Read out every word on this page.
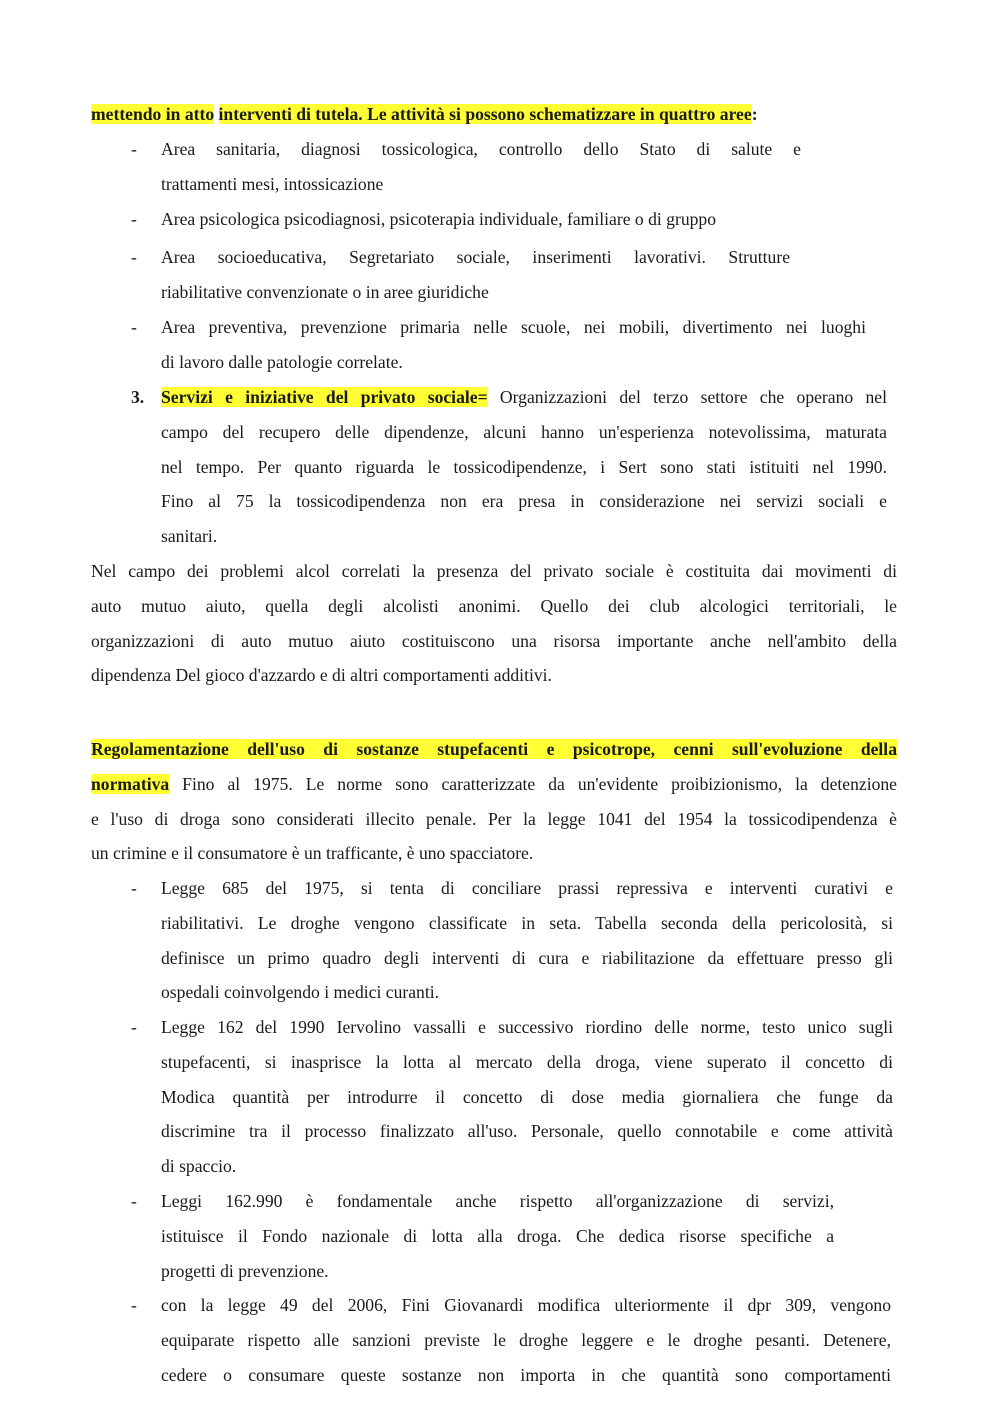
mettendo in atto interventi di tutela. Le attività si possono schematizzare in quattro aree:
-	Area sanitaria, diagnosi tossicologica, controllo dello Stato di salute e
trattamenti mesi, intossicazione
-	Area psicologica psicodiagnosi, psicoterapia individuale, familiare o di gruppo
-	Area socioeducativa, Segretariato sociale, inserimenti lavorativi. Strutture
riabilitative convenzionate o in aree giuridiche
-	Area preventiva, prevenzione primaria nelle scuole, nei mobili, divertimento nei luoghi
di lavoro dalle patologie correlate.
3. Servizi e iniziative del privato sociale= Organizzazioni del terzo settore che operano nel
campo del recupero delle dipendenze, alcuni hanno un'esperienza notevolissima, maturata
nel tempo. Per quanto riguarda le tossicodipendenze, i Sert sono stati istituiti nel 1990.
Fino al 75 la tossicodipendenza non era presa in considerazione nei servizi sociali e
sanitari.
Nel campo dei problemi alcol correlati la presenza del privato sociale è costituita dai movimenti di
auto mutuo aiuto, quella degli alcolisti anonimi. Quello dei club alcologici territoriali, le
organizzazioni di auto mutuo aiuto costituiscono una risorsa importante anche nell'ambito della
dipendenza Del gioco d'azzardo e di altri comportamenti additivi.
Regolamentazione dell'uso di sostanze stupefacenti e psicotrope, cenni sull'evoluzione della
normativa Fino al 1975. Le norme sono caratterizzate da un'evidente proibizionismo, la detenzione
e l'uso di droga sono considerati illecito penale. Per la legge 1041 del 1954 la tossicodipendenza è
un crimine e il consumatore è un trafficante, è uno spacciatore.
-	Legge 685 del 1975, si tenta di conciliare prassi repressiva e interventi curativi e
riabilitativi. Le droghe vengono classificate in seta. Tabella seconda della pericolosità, si
definisce un primo quadro degli interventi di cura e riabilitazione da effettuare presso gli
ospedali coinvolgendo i medici curanti.
-	Legge 162 del 1990 Iervolino vassalli e successivo riordino delle norme, testo unico sugli
stupefacenti, si inasprisce la lotta al mercato della droga, viene superato il concetto di
Modica quantità per introdurre il concetto di dose media giornaliera che funge da
discrimine tra il processo finalizzato all'uso. Personale, quello connotabile e come attività
di spaccio.
-	Leggi 162.990 è fondamentale anche rispetto all'organizzazione di servizi,
istituisce il Fondo nazionale di lotta alla droga. Che dedica risorse specifiche a
progetti di prevenzione.
-	con la legge 49 del 2006, Fini Giovanardi modifica ulteriormente il dpr 309, vengono
equiparate rispetto alle sanzioni previste le droghe leggere e le droghe pesanti. Detenere,
cedere o consumare queste sostanze non importa in che quantità sono comportamenti
